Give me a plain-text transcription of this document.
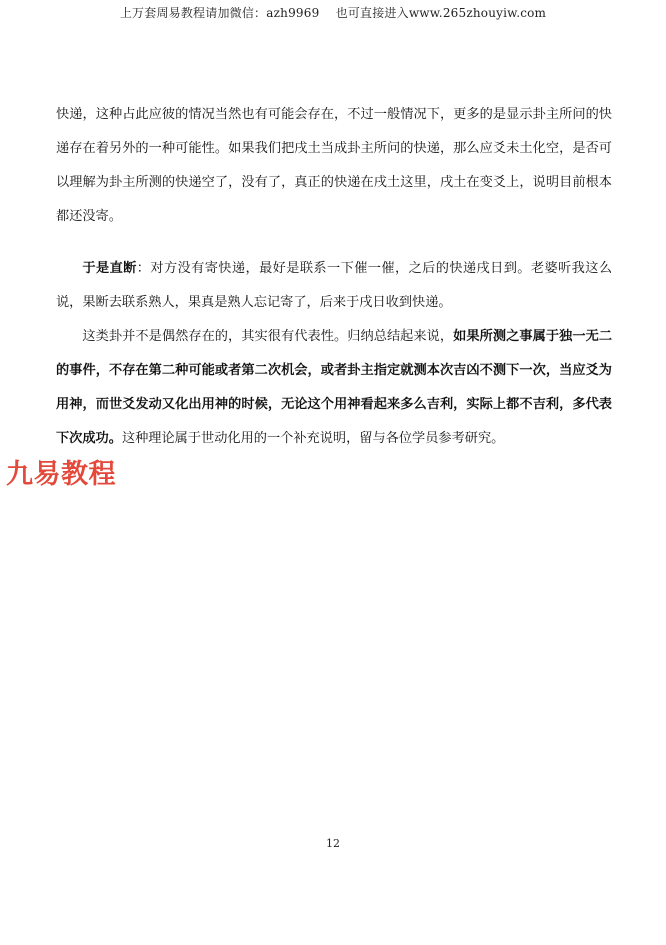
上万套周易教程请加微信：azh9969　 也可直接进入www.265zhouyiw.com

快递，这种占此应彼的情况当然也有可能会存在，不过一般情况下，更多的是显示卦主所问的快递存在着另外的一种可能性。如果我们把戌土当成卦主所问的快递，那么应爻未土化空，是否可以理解为卦主所测的快递空了，没有了，真正的快递在戌土这里，戌土在变爻上，说明目前根本都还没寄。

于是直断：对方没有寄快递，最好是联系一下催一催，之后的快递戌日到。老婆听我这么说，果断去联系熟人，果真是熟人忘记寄了，后来于戌日收到快递。

这类卦并不是偶然存在的，其实很有代表性。归纳总结起来说，如果所测之事属于独一无二的事件，不存在第二种可能或者第二次机会，或者卦主指定就测本次吉凶不测下一次，当应爻为用神，而世爻发动又化出用神的时候，无论这个用神看起来多么吉利，实际上都不吉利，多代表下次成功。这种理论属于世动化用的一个补充说明，留与各位学员参考研究。

九易教程
12
